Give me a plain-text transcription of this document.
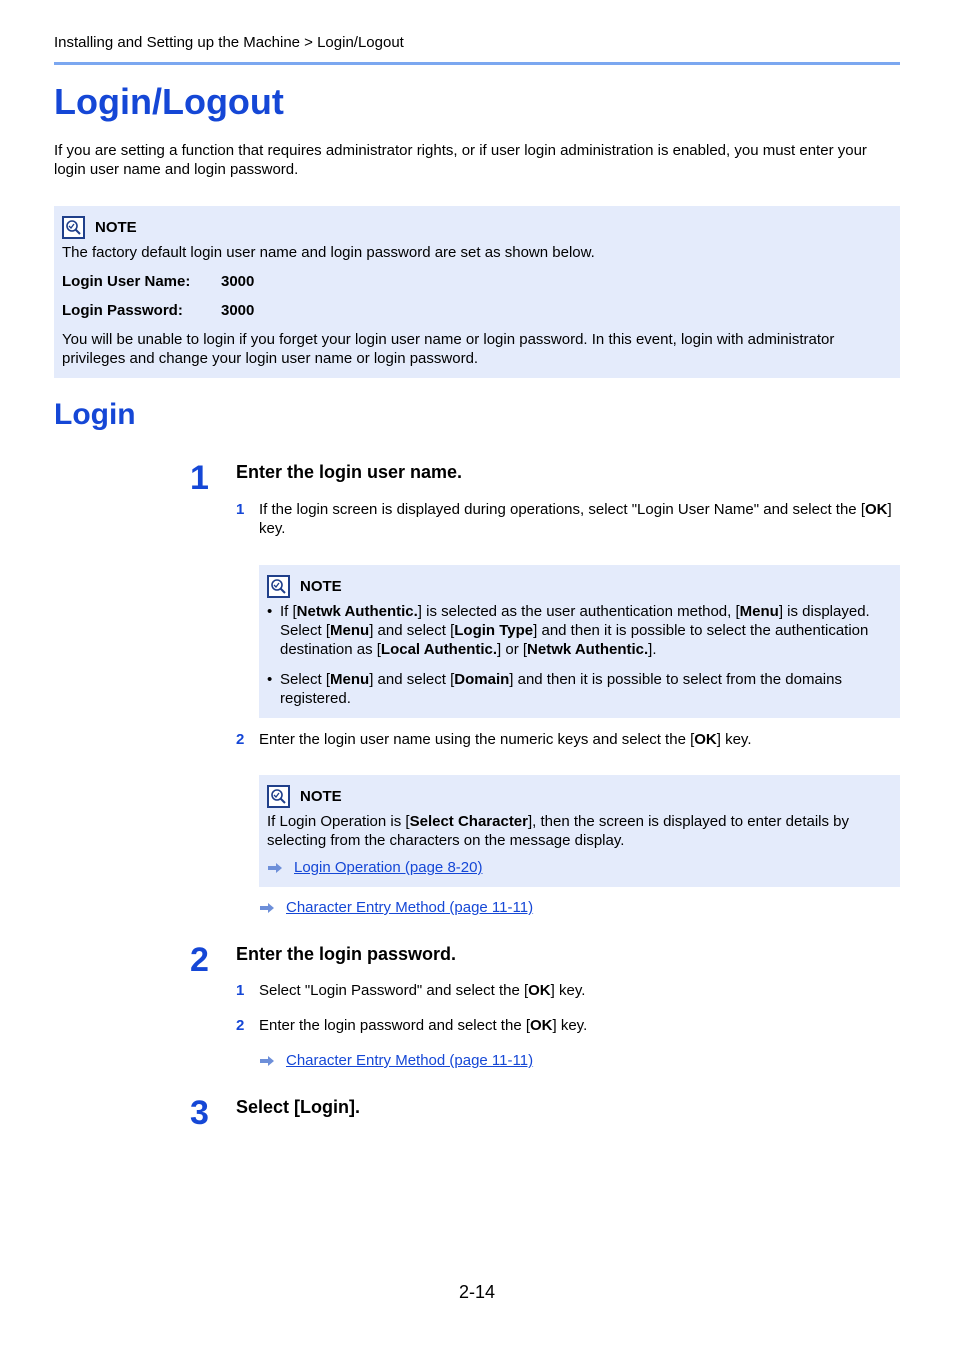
Installing and Setting up the Machine > Login/Logout
Login/Logout
If you are setting a function that requires administrator rights, or if user login administration is enabled, you must enter your login user name and login password.
NOTE
The factory default login user name and login password are set as shown below.
Login User Name: 3000
Login Password:	3000
You will be unable to login if you forget your login user name or login password. In this event, login with administrator privileges and change your login user name or login password.
Login
1 Enter the login user name.
1 If the login screen is displayed during operations, select "Login User Name" and select the [OK] key.
NOTE
• If [Netwk Authentic.] is selected as the user authentication method, [Menu] is displayed. Select [Menu] and select [Login Type] and then it is possible to select the authentication destination as [Local Authentic.] or [Netwk Authentic.].
• Select [Menu] and select [Domain] and then it is possible to select from the domains registered.
2 Enter the login user name using the numeric keys and select the [OK] key.
NOTE
If Login Operation is [Select Character], then the screen is displayed to enter details by selecting from the characters on the message display.
Login Operation (page 8-20)
Character Entry Method (page 11-11)
2 Enter the login password.
1 Select "Login Password" and select the [OK] key.
2 Enter the login password and select the [OK] key.
Character Entry Method (page 11-11)
3 Select [Login].
2-14
